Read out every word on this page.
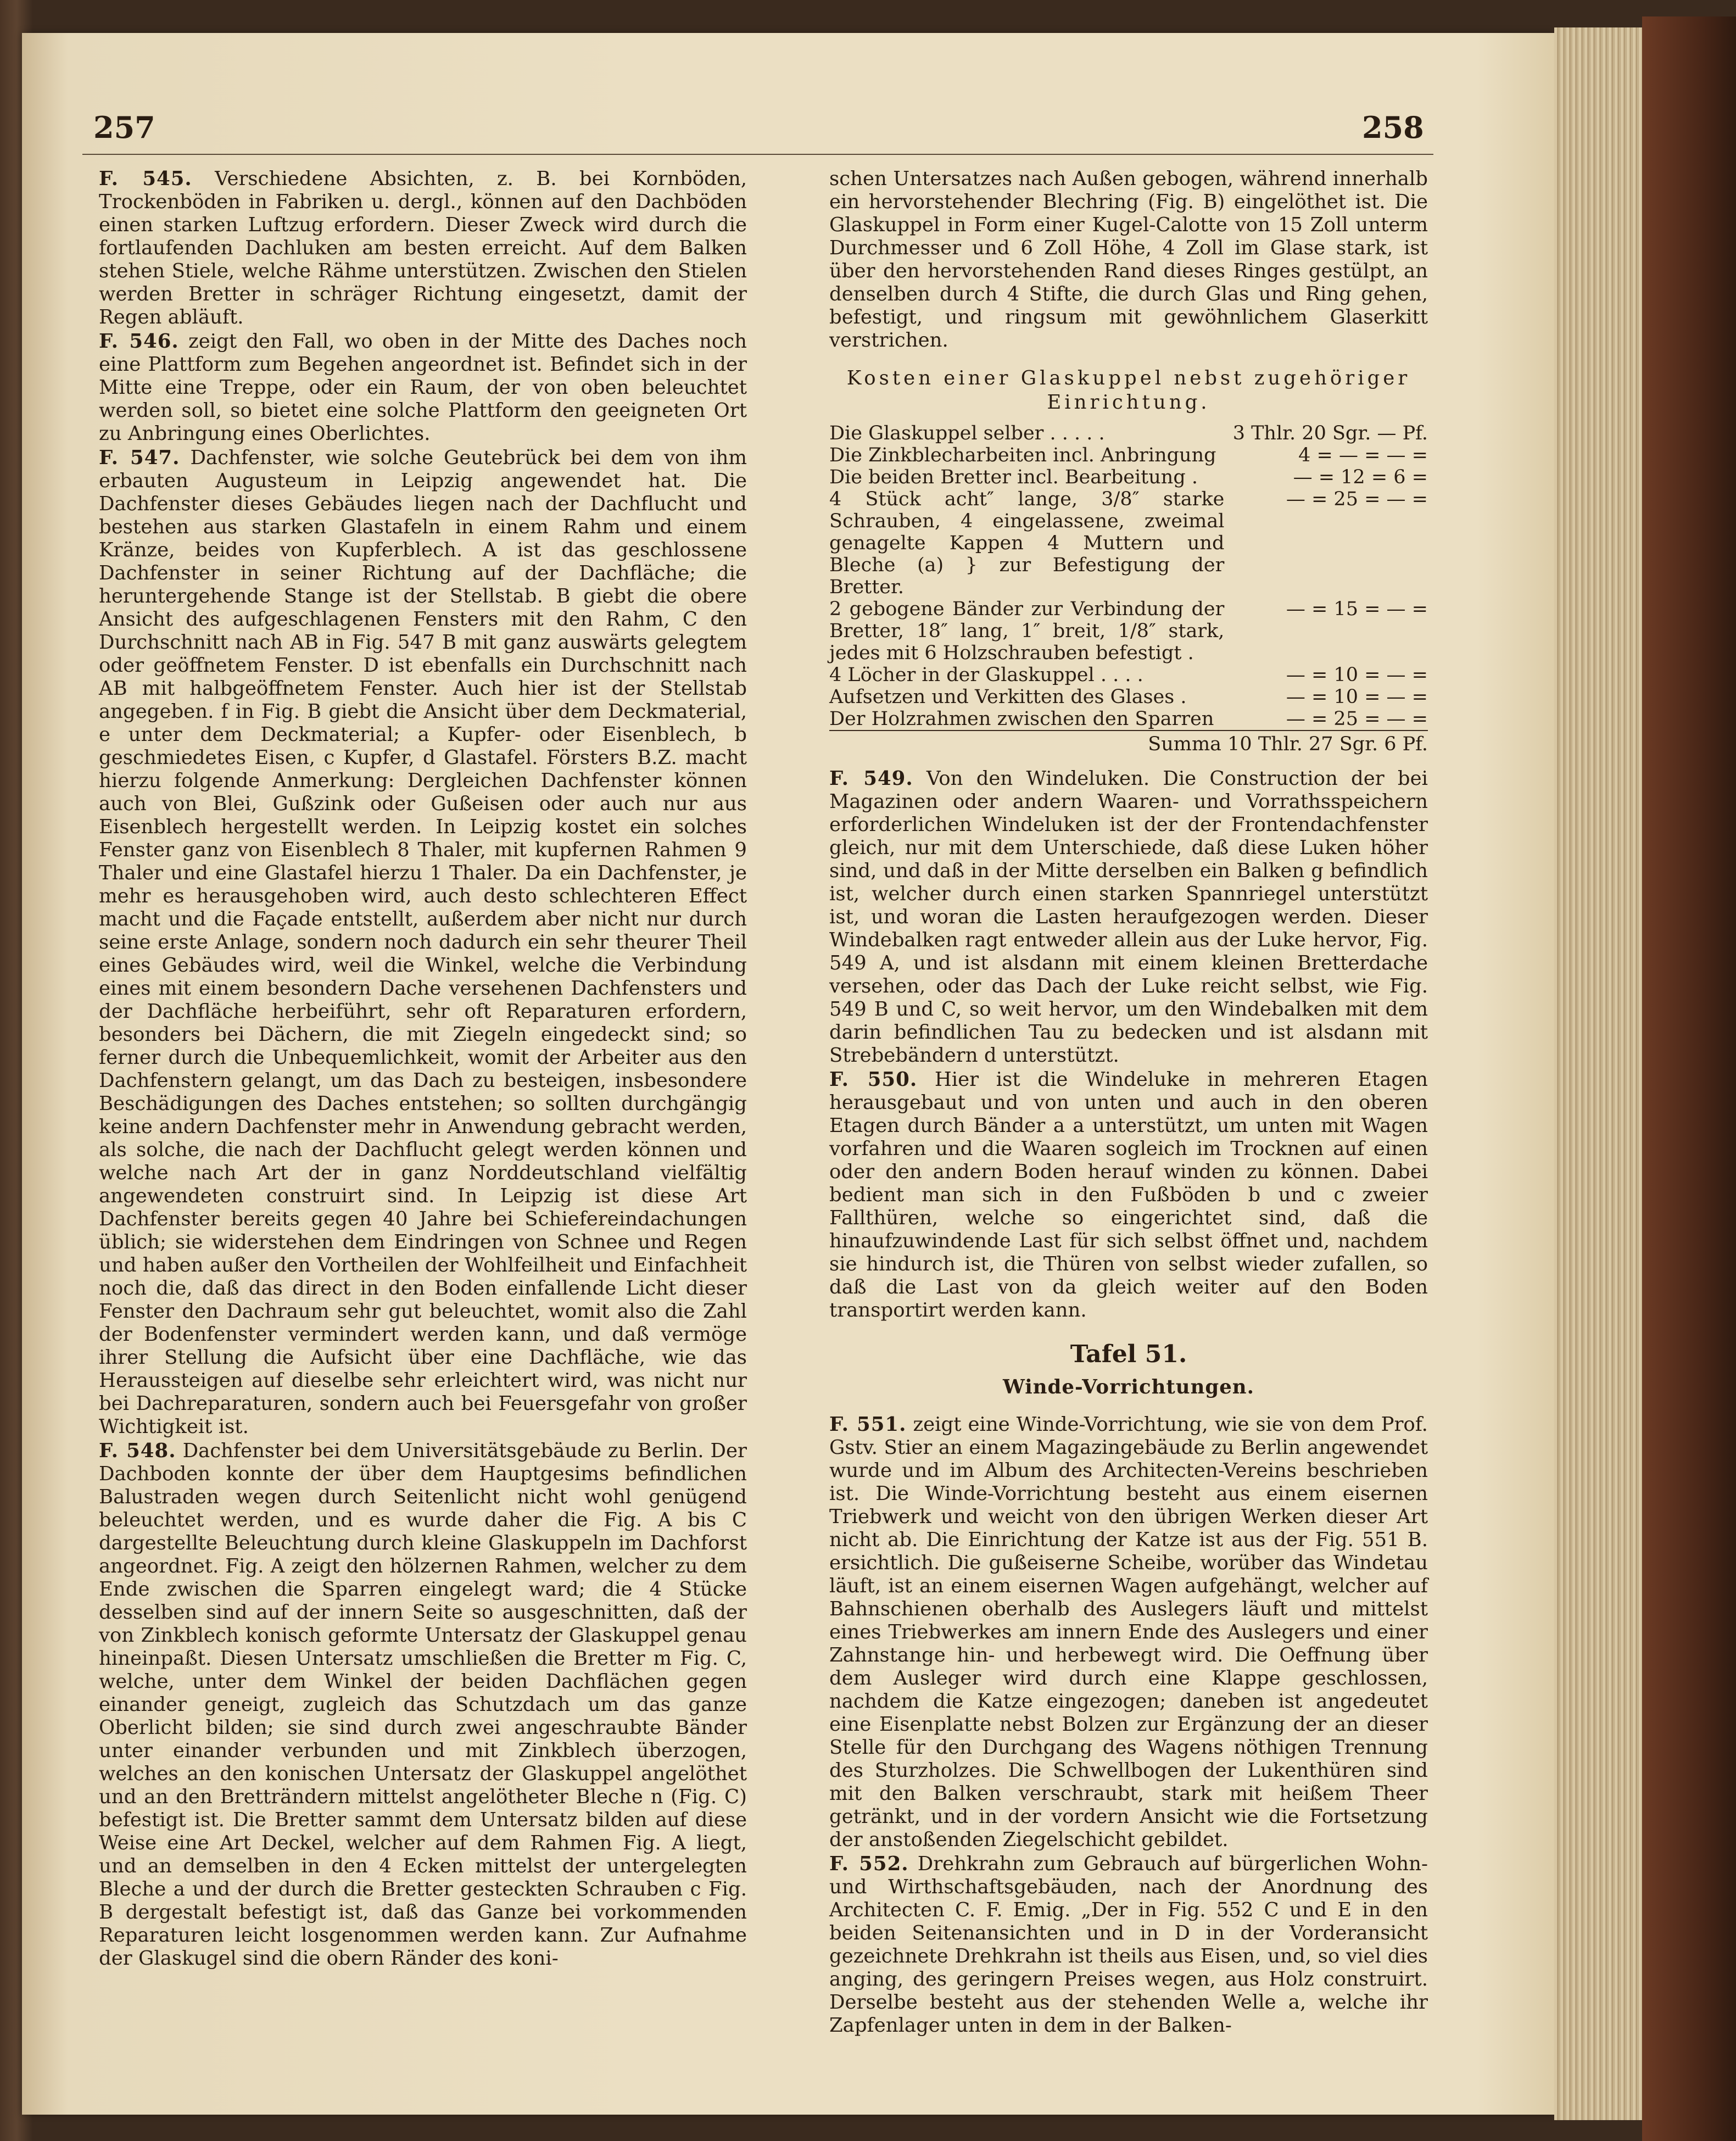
257	258

F. 545. Verschiedene Absichten, z. B. bei Kornböden, Trockenböden in Fabriken u. dergl., können auf den Dachböden einen starken Luftzug erfordern. Dieser Zweck wird durch die fortlaufenden Dachluken am besten erreicht. Auf dem Balken stehen Stiele, welche Rähme unterstützen. Zwischen den Stielen werden Bretter in schräger Richtung eingesetzt, damit der Regen abläuft.

F. 546. zeigt den Fall, wo oben in der Mitte des Daches noch eine Plattform zum Begehen angeordnet ist. Befindet sich in der Mitte eine Treppe, oder ein Raum, der von oben beleuchtet werden soll, so bietet eine solche Plattform den geeigneten Ort zu Anbringung eines Oberlichtes.

F. 547. Dachfenster, wie solche Geutebrück bei dem von ihm erbauten Augusteum in Leipzig angewendet hat. Die Dachfenster dieses Gebäudes liegen nach der Dachflucht und bestehen aus starken Glastafeln in einem Rahm und einem Kränze, beides von Kupferblech. A ist das geschlossene Dachfenster in seiner Richtung auf der Dachfläche; die heruntergehende Stange ist der Stellstab. B giebt die obere Ansicht des aufgeschlagenen Fensters mit den Rahm, C den Durchschnitt nach AB in Fig. 547 B mit ganz auswärts gelegtem oder geöffnetem Fenster. D ist ebenfalls ein Durchschnitt nach AB mit halbgeöffnetem Fenster. Auch hier ist der Stellstab angegeben. f in Fig. B giebt die Ansicht über dem Deckmaterial, e unter dem Deckmaterial; a Kupfer- oder Eisenblech, b geschmiedetes Eisen, c Kupfer, d Glastafel. Försters B.Z. macht hierzu folgende Anmerkung: Dergleichen Dachfenster können auch von Blei, Gußzink oder Gußeisen oder auch nur aus Eisenblech hergestellt werden. In Leipzig kostet ein solches Fenster ganz von Eisenblech 8 Thaler, mit kupfernen Rahmen 9 Thaler und eine Glastafel hierzu 1 Thaler. Da ein Dachfenster, je mehr es herausgehoben wird, auch desto schlechteren Effect macht und die Façade entstellt, außerdem aber nicht nur durch seine erste Anlage, sondern noch dadurch ein sehr theurer Theil eines Gebäudes wird, weil die Winkel, welche die Verbindung eines mit einem besondern Dache versehenen Dachfensters und der Dachfläche herbeiführt, sehr oft Reparaturen erfordern, besonders bei Dächern, die mit Ziegeln eingedeckt sind; so ferner durch die Unbequemlichkeit, womit der Arbeiter aus den Dachfenstern gelangt, um das Dach zu besteigen, insbesondere Beschädigungen des Daches entstehen; so sollten durchgängig keine andern Dachfenster mehr in Anwendung gebracht werden, als solche, die nach der Dachflucht gelegt werden können und welche nach Art der in ganz Norddeutschland vielfältig angewendeten construirt sind. In Leipzig ist diese Art Dachfenster bereits gegen 40 Jahre bei Schiefereindachungen üblich; sie widerstehen dem Eindringen von Schnee und Regen und haben außer den Vortheilen der Wohlfeilheit und Einfachheit noch die, daß das direct in den Boden einfallende Licht dieser Fenster den Dachraum sehr gut beleuchtet, womit also die Zahl der Bodenfenster vermindert werden kann, und daß vermöge ihrer Stellung die Aufsicht über eine Dachfläche, wie das Heraussteigen auf dieselbe sehr erleichtert wird, was nicht nur bei Dachreparaturen, sondern auch bei Feuersgefahr von großer Wichtigkeit ist.

F. 548. Dachfenster bei dem Universitätsgebäude zu Berlin. Der Dachboden konnte der über dem Hauptgesims befindlichen Balustraden wegen durch Seitenlicht nicht wohl genügend beleuchtet werden, und es wurde daher die Fig. A bis C dargestellte Beleuchtung durch kleine Glaskuppeln im Dachforst angeordnet. Fig. A zeigt den hölzernen Rahmen, welcher zu dem Ende zwischen die Sparren eingelegt ward; die 4 Stücke desselben sind auf der innern Seite so ausgeschnitten, daß der von Zinkblech konisch geformte Untersatz der Glaskuppel genau hineinpaßt. Diesen Untersatz umschließen die Bretter m Fig. C, welche, unter dem Winkel der beiden Dachflächen gegen einander geneigt, zugleich das Schutzdach um das ganze Oberlicht bilden; sie sind durch zwei angeschraubte Bänder unter einander verbunden und mit Zinkblech überzogen, welches an den konischen Untersatz der Glaskuppel angelöthet und an den Bretträndern mittelst angelötheter Bleche n (Fig. C) befestigt ist. Die Bretter sammt dem Untersatz bilden auf diese Weise eine Art Deckel, welcher auf dem Rahmen Fig. A liegt, und an demselben in den 4 Ecken mittelst der untergelegten Bleche a und der durch die Bretter gesteckten Schrauben c Fig. B dergestalt befestigt ist, daß das Ganze bei vorkommenden Reparaturen leicht losgenommen werden kann. Zur Aufnahme der Glaskugel sind die obern Ränder des koni-

schen Untersatzes nach Außen gebogen, während innerhalb ein hervorstehender Blechring (Fig. B) eingelöthet ist. Die Glaskuppel in Form einer Kugel-Calotte von 15 Zoll unterm Durchmesser und 6 Zoll Höhe, 4 Zoll im Glase stark, ist über den hervorstehenden Rand dieses Ringes gestülpt, an denselben durch 4 Stifte, die durch Glas und Ring gehen, befestigt, und ringsum mit gewöhnlichem Glaserkitt verstrichen.

Kosten einer Glaskuppel nebst zugehöriger Einrichtung.
Die Glaskuppel selber . . . . .	3 Thlr. 20 Sgr. — Pf.
Die Zinkblecharbeiten incl. Anbringung	4 = — = — =
Die beiden Bretter incl. Bearbeitung .	— = 12 = 6 =
4 Stück acht″ lange, 3/8″ starke Schrauben, 4 eingelassene, zweimal genagelte Kappen 4 Muttern und Bleche (a) } zur Befestigung der Bretter.	— = 25 = — =
2 gebogene Bänder zur Verbindung der Bretter, 18″ lang, 1″ breit, 1/8″ stark, jedes mit 6 Holzschrauben befestigt .	— = 15 = — =
4 Löcher in der Glaskuppel . . . .	— = 10 = — =
Aufsetzen und Verkitten des Glases .	— = 10 = — =
Der Holzrahmen zwischen den Sparren	— = 25 = — =
Summa 10 Thlr. 27 Sgr. 6 Pf.	

F. 549. Von den Windeluken. Die Construction der bei Magazinen oder andern Waaren- und Vorrathsspeichern erforderlichen Windeluken ist der der Frontendachfenster gleich, nur mit dem Unterschiede, daß diese Luken höher sind, und daß in der Mitte derselben ein Balken g befindlich ist, welcher durch einen starken Spannriegel unterstützt ist, und woran die Lasten heraufgezogen werden. Dieser Windebalken ragt entweder allein aus der Luke hervor, Fig. 549 A, und ist alsdann mit einem kleinen Bretterdache versehen, oder das Dach der Luke reicht selbst, wie Fig. 549 B und C, so weit hervor, um den Windebalken mit dem darin befindlichen Tau zu bedecken und ist alsdann mit Strebebändern d unterstützt.

F. 550. Hier ist die Windeluke in mehreren Etagen herausgebaut und von unten und auch in den oberen Etagen durch Bänder a a unterstützt, um unten mit Wagen vorfahren und die Waaren sogleich im Trocknen auf einen oder den andern Boden herauf winden zu können. Dabei bedient man sich in den Fußböden b und c zweier Fallthüren, welche so eingerichtet sind, daß die hinaufzuwindende Last für sich selbst öffnet und, nachdem sie hindurch ist, die Thüren von selbst wieder zufallen, so daß die Last von da gleich weiter auf den Boden transportirt werden kann.

Tafel 51.
Winde-Vorrichtungen.

F. 551. zeigt eine Winde-Vorrichtung, wie sie von dem Prof. Gstv. Stier an einem Magazingebäude zu Berlin angewendet wurde und im Album des Architecten-Vereins beschrieben ist. Die Winde-Vorrichtung besteht aus einem eisernen Triebwerk und weicht von den übrigen Werken dieser Art nicht ab. Die Einrichtung der Katze ist aus der Fig. 551 B. ersichtlich. Die gußeiserne Scheibe, worüber das Windetau läuft, ist an einem eisernen Wagen aufgehängt, welcher auf Bahnschienen oberhalb des Auslegers läuft und mittelst eines Triebwerkes am innern Ende des Auslegers und einer Zahnstange hin- und herbewegt wird. Die Oeffnung über dem Ausleger wird durch eine Klappe geschlossen, nachdem die Katze eingezogen; daneben ist angedeutet eine Eisenplatte nebst Bolzen zur Ergänzung der an dieser Stelle für den Durchgang des Wagens nöthigen Trennung des Sturzholzes. Die Schwellbogen der Lukenthüren sind mit den Balken verschraubt, stark mit heißem Theer getränkt, und in der vordern Ansicht wie die Fortsetzung der anstoßenden Ziegelschicht gebildet.

F. 552. Drehkrahn zum Gebrauch auf bürgerlichen Wohn- und Wirthschaftsgebäuden, nach der Anordnung des Architecten C. F. Emig. „Der in Fig. 552 C und E in den beiden Seitenansichten und in D in der Vorderansicht gezeichnete Drehkrahn ist theils aus Eisen, und, so viel dies anging, des geringern Preises wegen, aus Holz construirt. Derselbe besteht aus der stehenden Welle a, welche ihr Zapfenlager unten in dem in der Balken-
